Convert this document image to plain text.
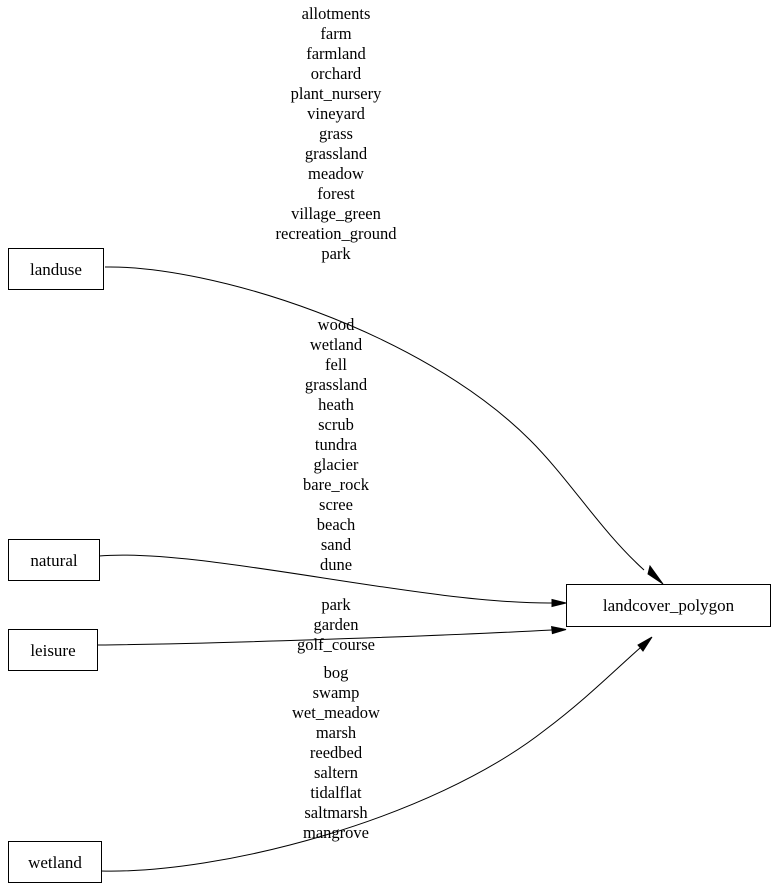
landuse
natural
leisure
wetland
landcover_polygon
allotments
farm
farmland
orchard
plant_nursery
vineyard
grass
grassland
meadow
forest
village_green
recreation_ground
park
wood
wetland
fell
grassland
heath
scrub
tundra
glacier
bare_rock
scree
beach
sand
dune
park
garden
golf_course
bog
swamp
wet_meadow
marsh
reedbed
saltern
tidalflat
saltmarsh
mangrove
